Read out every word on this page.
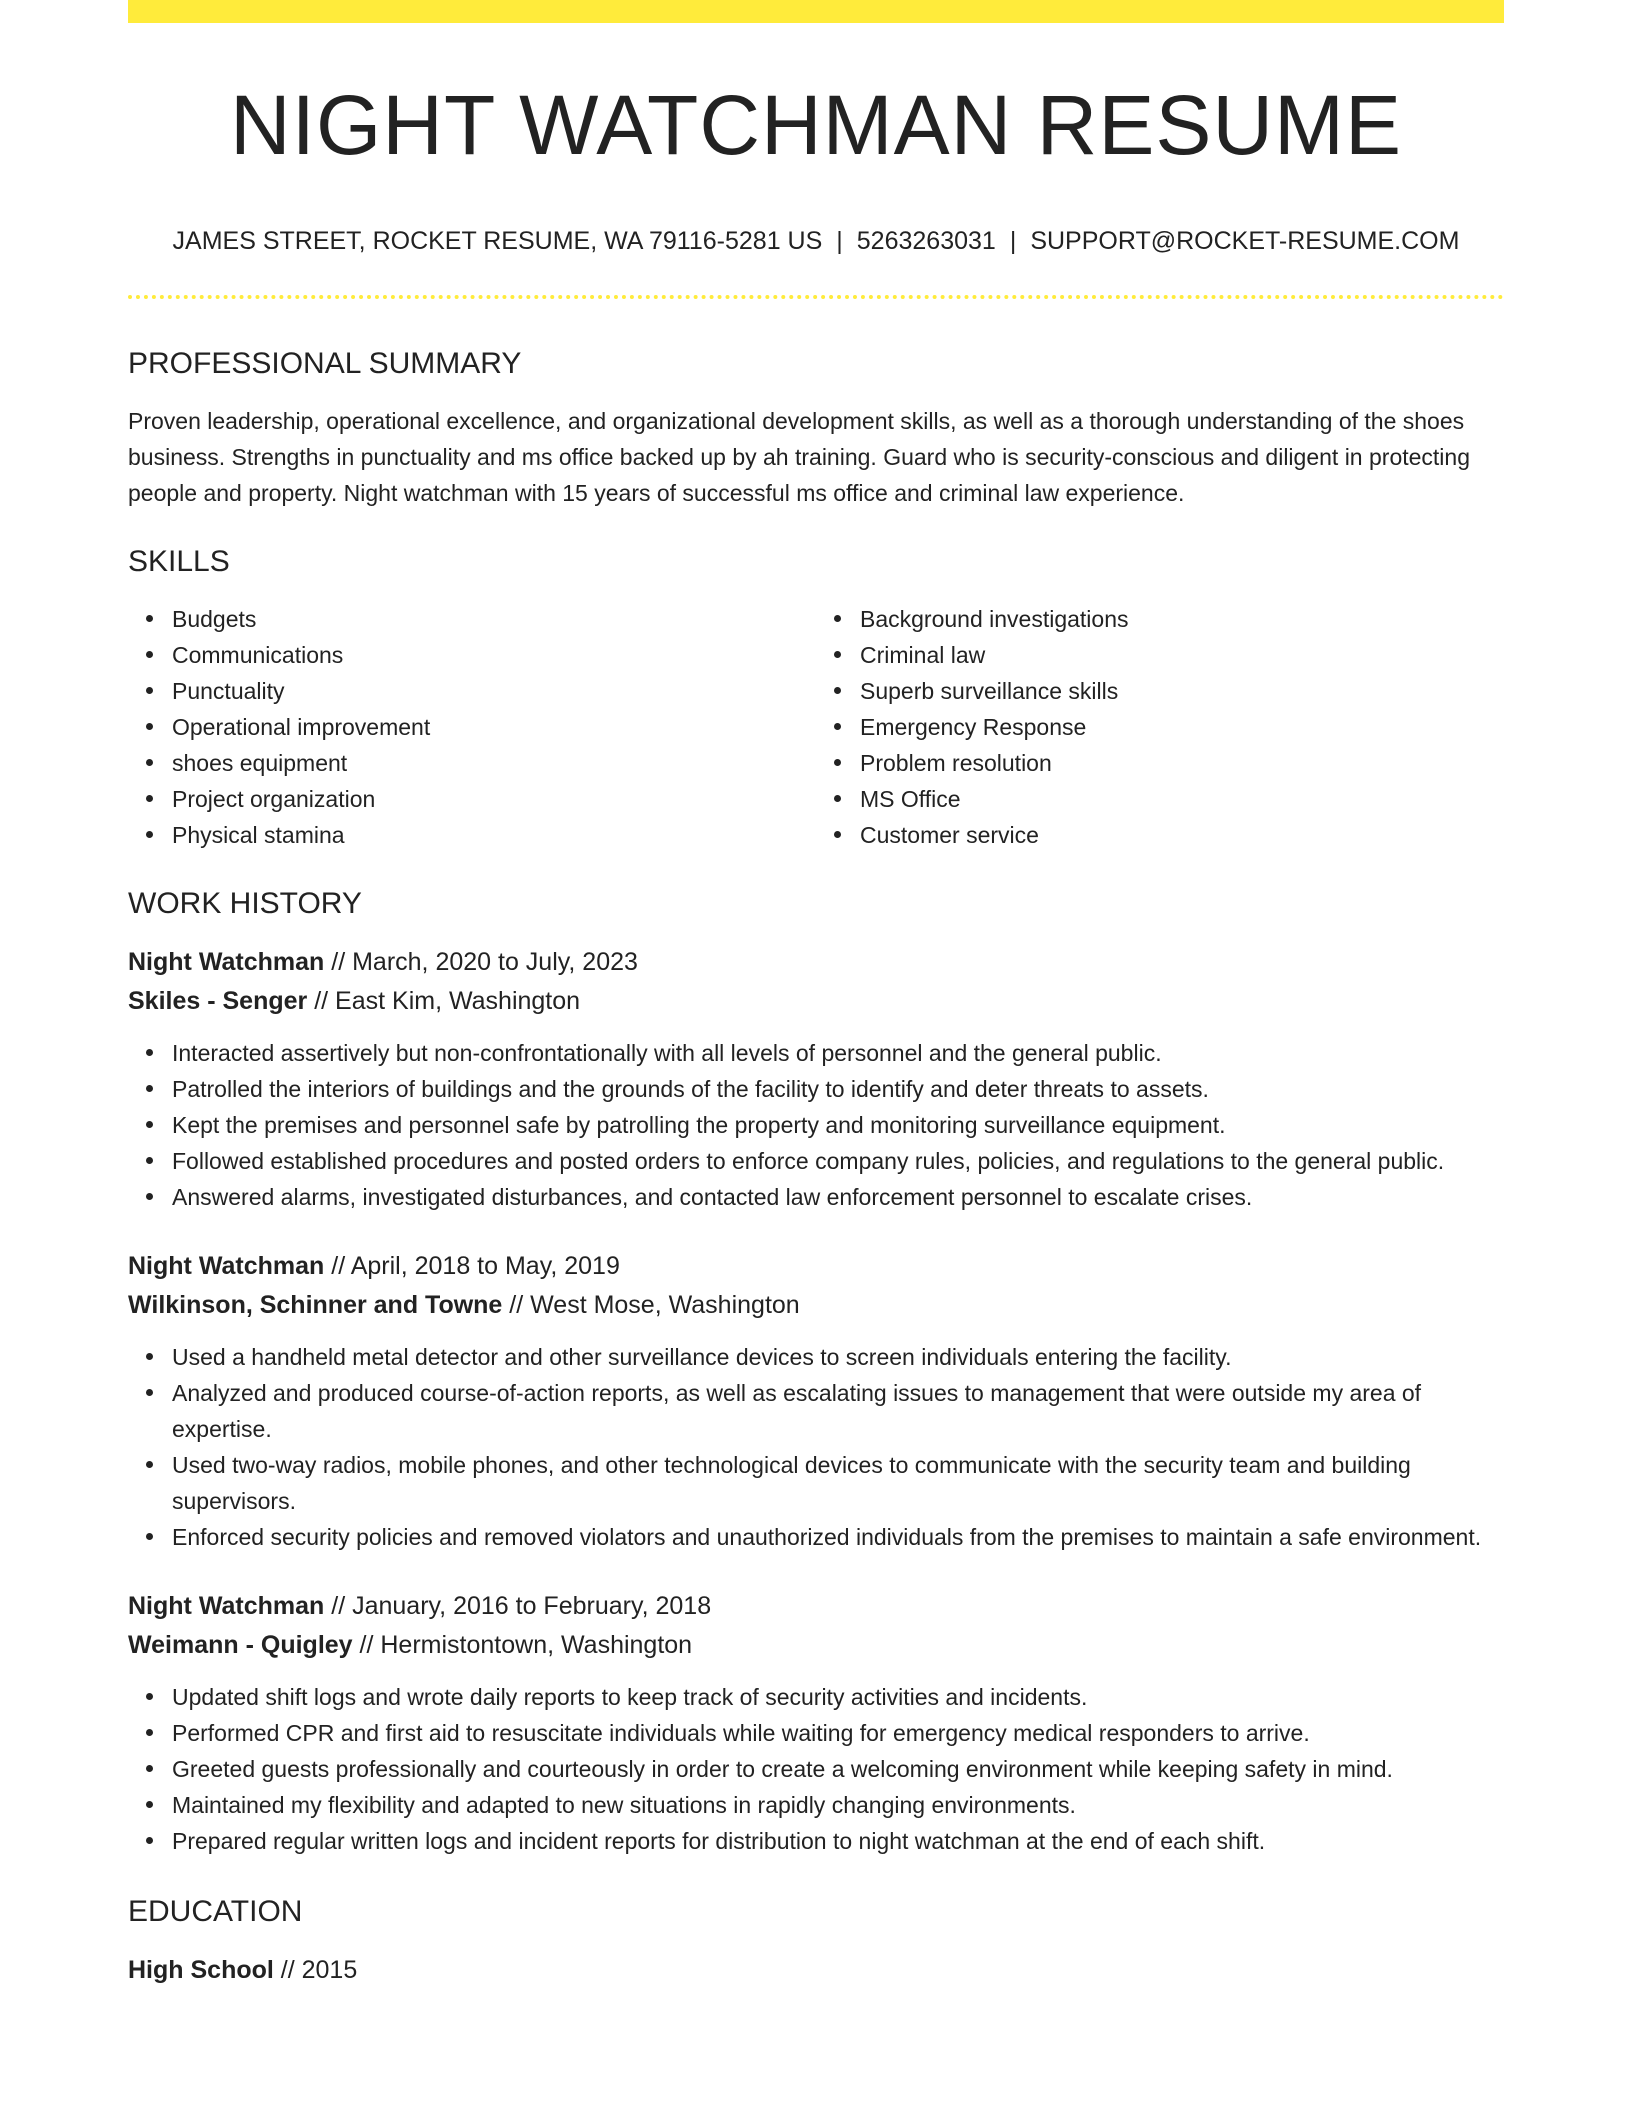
NIGHT WATCHMAN RESUME
JAMES STREET, ROCKET RESUME, WA 79116-5281 US | 5263263031 | SUPPORT@ROCKET-RESUME.COM
PROFESSIONAL SUMMARY

Proven leadership, operational excellence, and organizational development skills, as well as a thorough understanding of the shoes business. Strengths in punctuality and ms office backed up by ah training. Guard who is security-conscious and diligent in protecting people and property. Night watchman with 15 years of successful ms office and criminal law experience.

SKILLS
Budgets
Communications
Punctuality
Operational improvement
shoes equipment
Project organization
Physical stamina
Background investigations
Criminal law
Superb surveillance skills
Emergency Response
Problem resolution
MS Office
Customer service
WORK HISTORY
Night Watchman // March, 2020 to July, 2023
Skiles - Senger // East Kim, Washington
Interacted assertively but non-confrontationally with all levels of personnel and the general public.
Patrolled the interiors of buildings and the grounds of the facility to identify and deter threats to assets.
Kept the premises and personnel safe by patrolling the property and monitoring surveillance equipment.
Followed established procedures and posted orders to enforce company rules, policies, and regulations to the general public.
Answered alarms, investigated disturbances, and contacted law enforcement personnel to escalate crises.
Night Watchman // April, 2018 to May, 2019
Wilkinson, Schinner and Towne // West Mose, Washington
Used a handheld metal detector and other surveillance devices to screen individuals entering the facility.
Analyzed and produced course-of-action reports, as well as escalating issues to management that were outside my area of expertise.
Used two-way radios, mobile phones, and other technological devices to communicate with the security team and building supervisors.
Enforced security policies and removed violators and unauthorized individuals from the premises to maintain a safe environment.
Night Watchman // January, 2016 to February, 2018
Weimann - Quigley // Hermistontown, Washington
Updated shift logs and wrote daily reports to keep track of security activities and incidents.
Performed CPR and first aid to resuscitate individuals while waiting for emergency medical responders to arrive.
Greeted guests professionally and courteously in order to create a welcoming environment while keeping safety in mind.
Maintained my flexibility and adapted to new situations in rapidly changing environments.
Prepared regular written logs and incident reports for distribution to night watchman at the end of each shift.
EDUCATION
High School // 2015
